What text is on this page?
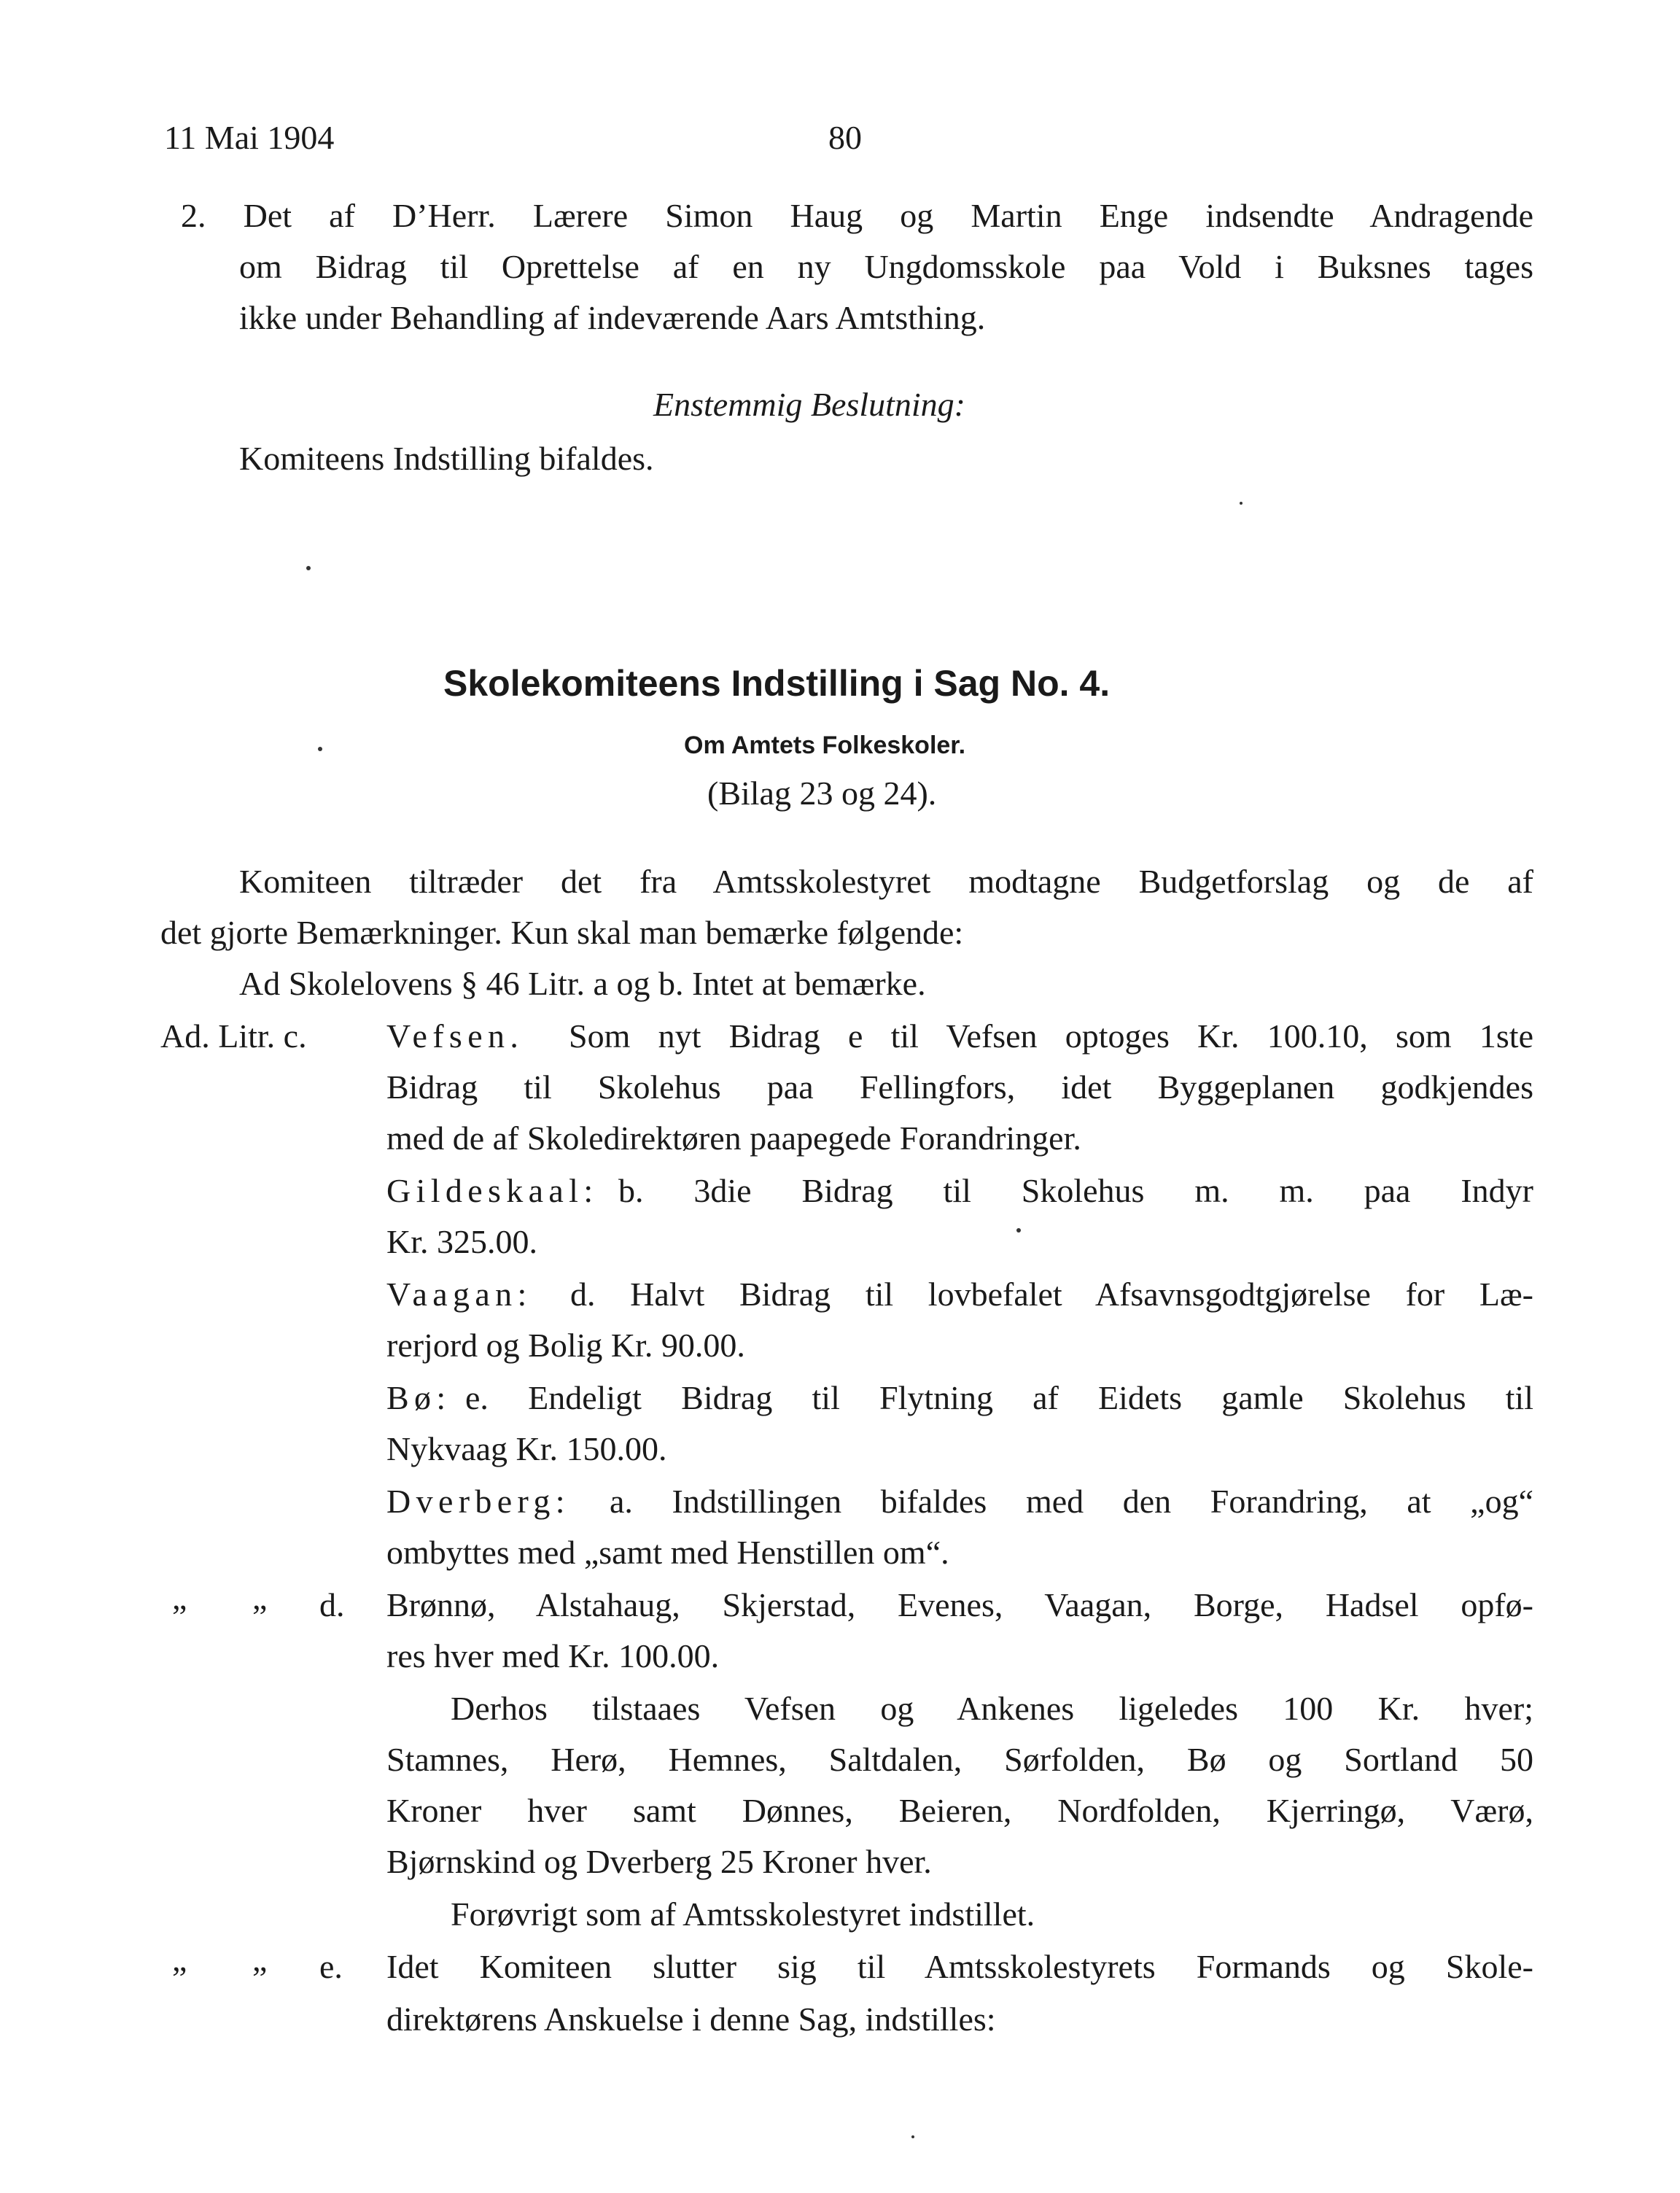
11 Mai 1904	80
2. Det af D’Herr. Lærere Simon Haug og Martin Enge indsendte Andragende
om Bidrag til Oprettelse af en ny Ungdomsskole paa Vold i Buksnes tages
ikke under Behandling af indeværende Aars Amtsthing.
Enstemmig Beslutning:
Komiteens Indstilling bifaldes.
Skolekomiteens Indstilling i Sag No. 4.
Om Amtets Folkeskoler.
(Bilag 23 og 24).
Komiteen tiltræder det fra Amtsskolestyret modtagne Budgetforslag og de af
det gjorte Bemærkninger. Kun skal man bemærke følgende:
Ad Skolelovens § 46 Litr. a og b. Intet at bemærke.
Ad. Litr. c. Vefsen. Som nyt Bidrag e til Vefsen optoges Kr. 100.10, som 1ste
Bidrag til Skolehus paa Fellingfors, idet Byggeplanen godkjendes
med de af Skoledirektøren paapegede Forandringer.
Gildeskaal: b. 3die Bidrag til Skolehus m. m. paa Indyr
Kr. 325.00.
Vaagan: d. Halvt Bidrag til lovbefalet Afsavnsgodtgjørelse for Læ-
rerjord og Bolig Kr. 90.00.
Bø: e. Endeligt Bidrag til Flytning af Eidets gamle Skolehus til
Nykvaag Kr. 150.00.
Dverberg: a. Indstillingen bifaldes med den Forandring, at „og“
ombyttes med „samt med Henstillen om“.
„ „ d. Brønnø, Alstahaug, Skjerstad, Evenes, Vaagan, Borge, Hadsel opfø-
res hver med Kr. 100.00.
Derhos tilstaaes Vefsen og Ankenes ligeledes 100 Kr. hver;
Stamnes, Herø, Hemnes, Saltdalen, Sørfolden, Bø og Sortland 50
Kroner hver samt Dønnes, Beieren, Nordfolden, Kjerringø, Værø,
Bjørnskind og Dverberg 25 Kroner hver.
Forøvrigt som af Amtsskolestyret indstillet.
„ „ e. Idet Komiteen slutter sig til Amtsskolestyrets Formands og Skole-
direktørens Anskuelse i denne Sag, indstilles:
